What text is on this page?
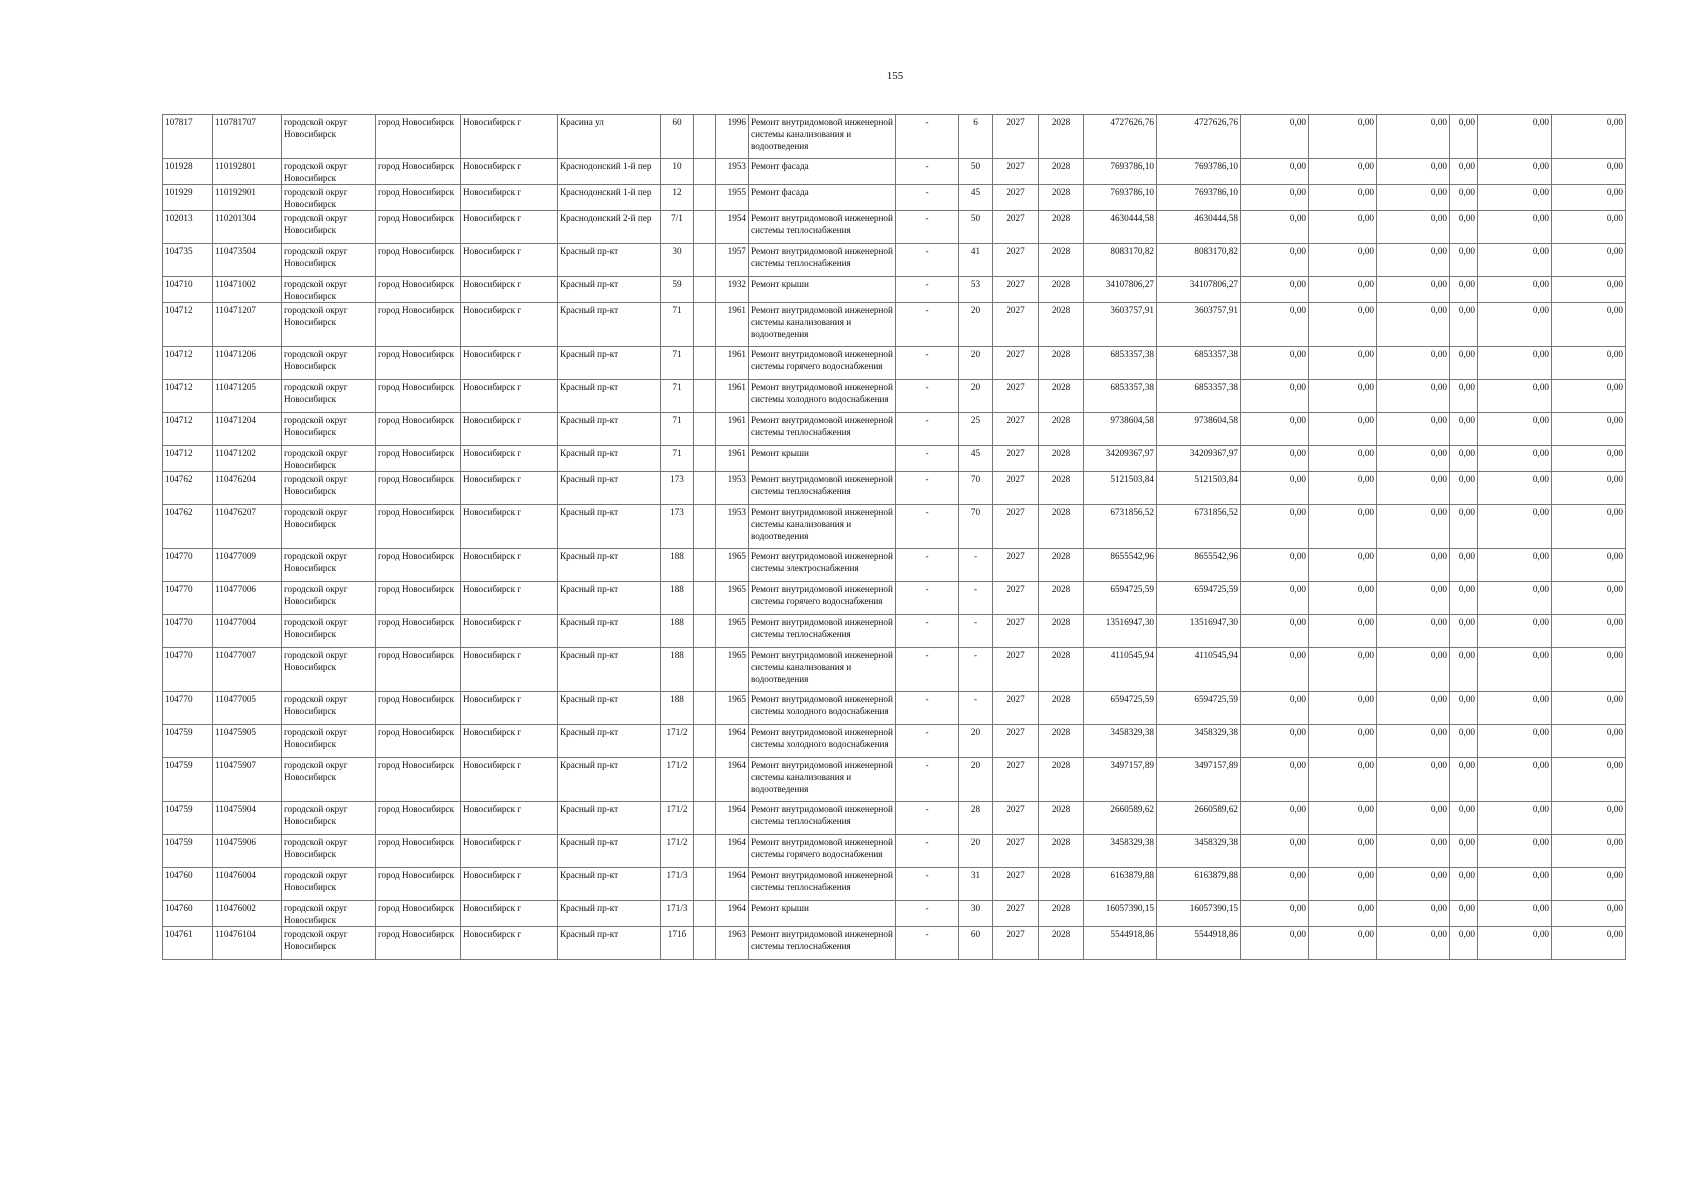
155
107817	110781707	городской округ Новосибирск	город Новосибирск	Новосибирск г	Красина ул	60		1996	Ремонт внутридомовой инженерной системы канализования и водоотведения	-	6	2027	2028	4727626,76	4727626,76	0,00	0,00	0,00	0,00	0,00	0,00
101928	110192801	городской округ Новосибирск	город Новосибирск	Новосибирск г	Краснодонский 1-й пер	10		1953	Ремонт фасада	-	50	2027	2028	7693786,10	7693786,10	0,00	0,00	0,00	0,00	0,00	0,00
101929	110192901	городской округ Новосибирск	город Новосибирск	Новосибирск г	Краснодонский 1-й пер	12		1955	Ремонт фасада	-	45	2027	2028	7693786,10	7693786,10	0,00	0,00	0,00	0,00	0,00	0,00
102013	110201304	городской округ Новосибирск	город Новосибирск	Новосибирск г	Краснодонский 2-й пер	7/1		1954	Ремонт внутридомовой инженерной системы теплоснабжения	-	50	2027	2028	4630444,58	4630444,58	0,00	0,00	0,00	0,00	0,00	0,00
104735	110473504	городской округ Новосибирск	город Новосибирск	Новосибирск г	Красный пр-кт	30		1957	Ремонт внутридомовой инженерной системы теплоснабжения	-	41	2027	2028	8083170,82	8083170,82	0,00	0,00	0,00	0,00	0,00	0,00
104710	110471002	городской округ Новосибирск	город Новосибирск	Новосибирск г	Красный пр-кт	59		1932	Ремонт крыши	-	53	2027	2028	34107806,27	34107806,27	0,00	0,00	0,00	0,00	0,00	0,00
104712	110471207	городской округ Новосибирск	город Новосибирск	Новосибирск г	Красный пр-кт	71		1961	Ремонт внутридомовой инженерной системы канализования и водоотведения	-	20	2027	2028	3603757,91	3603757,91	0,00	0,00	0,00	0,00	0,00	0,00
104712	110471206	городской округ Новосибирск	город Новосибирск	Новосибирск г	Красный пр-кт	71		1961	Ремонт внутридомовой инженерной системы горячего водоснабжения	-	20	2027	2028	6853357,38	6853357,38	0,00	0,00	0,00	0,00	0,00	0,00
104712	110471205	городской округ Новосибирск	город Новосибирск	Новосибирск г	Красный пр-кт	71		1961	Ремонт внутридомовой инженерной системы холодного водоснабжения	-	20	2027	2028	6853357,38	6853357,38	0,00	0,00	0,00	0,00	0,00	0,00
104712	110471204	городской округ Новосибирск	город Новосибирск	Новосибирск г	Красный пр-кт	71		1961	Ремонт внутридомовой инженерной системы теплоснабжения	-	25	2027	2028	9738604,58	9738604,58	0,00	0,00	0,00	0,00	0,00	0,00
104712	110471202	городской округ Новосибирск	город Новосибирск	Новосибирск г	Красный пр-кт	71		1961	Ремонт крыши	-	45	2027	2028	34209367,97	34209367,97	0,00	0,00	0,00	0,00	0,00	0,00
104762	110476204	городской округ Новосибирск	город Новосибирск	Новосибирск г	Красный пр-кт	173		1953	Ремонт внутридомовой инженерной системы теплоснабжения	-	70	2027	2028	5121503,84	5121503,84	0,00	0,00	0,00	0,00	0,00	0,00
104762	110476207	городской округ Новосибирск	город Новосибирск	Новосибирск г	Красный пр-кт	173		1953	Ремонт внутридомовой инженерной системы канализования и водоотведения	-	70	2027	2028	6731856,52	6731856,52	0,00	0,00	0,00	0,00	0,00	0,00
104770	110477009	городской округ Новосибирск	город Новосибирск	Новосибирск г	Красный пр-кт	188		1965	Ремонт внутридомовой инженерной системы электроснабжения	-	-	2027	2028	8655542,96	8655542,96	0,00	0,00	0,00	0,00	0,00	0,00
104770	110477006	городской округ Новосибирск	город Новосибирск	Новосибирск г	Красный пр-кт	188		1965	Ремонт внутридомовой инженерной системы горячего водоснабжения	-	-	2027	2028	6594725,59	6594725,59	0,00	0,00	0,00	0,00	0,00	0,00
104770	110477004	городской округ Новосибирск	город Новосибирск	Новосибирск г	Красный пр-кт	188		1965	Ремонт внутридомовой инженерной системы теплоснабжения	-	-	2027	2028	13516947,30	13516947,30	0,00	0,00	0,00	0,00	0,00	0,00
104770	110477007	городской округ Новосибирск	город Новосибирск	Новосибирск г	Красный пр-кт	188		1965	Ремонт внутридомовой инженерной системы канализования и водоотведения	-	-	2027	2028	4110545,94	4110545,94	0,00	0,00	0,00	0,00	0,00	0,00
104770	110477005	городской округ Новосибирск	город Новосибирск	Новосибирск г	Красный пр-кт	188		1965	Ремонт внутридомовой инженерной системы холодного водоснабжения	-	-	2027	2028	6594725,59	6594725,59	0,00	0,00	0,00	0,00	0,00	0,00
104759	110475905	городской округ Новосибирск	город Новосибирск	Новосибирск г	Красный пр-кт	171/2		1964	Ремонт внутридомовой инженерной системы холодного водоснабжения	-	20	2027	2028	3458329,38	3458329,38	0,00	0,00	0,00	0,00	0,00	0,00
104759	110475907	городской округ Новосибирск	город Новосибирск	Новосибирск г	Красный пр-кт	171/2		1964	Ремонт внутридомовой инженерной системы канализования и водоотведения	-	20	2027	2028	3497157,89	3497157,89	0,00	0,00	0,00	0,00	0,00	0,00
104759	110475904	городской округ Новосибирск	город Новосибирск	Новосибирск г	Красный пр-кт	171/2		1964	Ремонт внутридомовой инженерной системы теплоснабжения	-	28	2027	2028	2660589,62	2660589,62	0,00	0,00	0,00	0,00	0,00	0,00
104759	110475906	городской округ Новосибирск	город Новосибирск	Новосибирск г	Красный пр-кт	171/2		1964	Ремонт внутридомовой инженерной системы горячего водоснабжения	-	20	2027	2028	3458329,38	3458329,38	0,00	0,00	0,00	0,00	0,00	0,00
104760	110476004	городской округ Новосибирск	город Новосибирск	Новосибирск г	Красный пр-кт	171/3		1964	Ремонт внутридомовой инженерной системы теплоснабжения	-	31	2027	2028	6163879,88	6163879,88	0,00	0,00	0,00	0,00	0,00	0,00
104760	110476002	городской округ Новосибирск	город Новосибирск	Новосибирск г	Красный пр-кт	171/3		1964	Ремонт крыши	-	30	2027	2028	16057390,15	16057390,15	0,00	0,00	0,00	0,00	0,00	0,00
104761	110476104	городской округ Новосибирск	город Новосибирск	Новосибирск г	Красный пр-кт	171б		1963	Ремонт внутридомовой инженерной системы теплоснабжения	-	60	2027	2028	5544918,86	5544918,86	0,00	0,00	0,00	0,00	0,00	0,00
